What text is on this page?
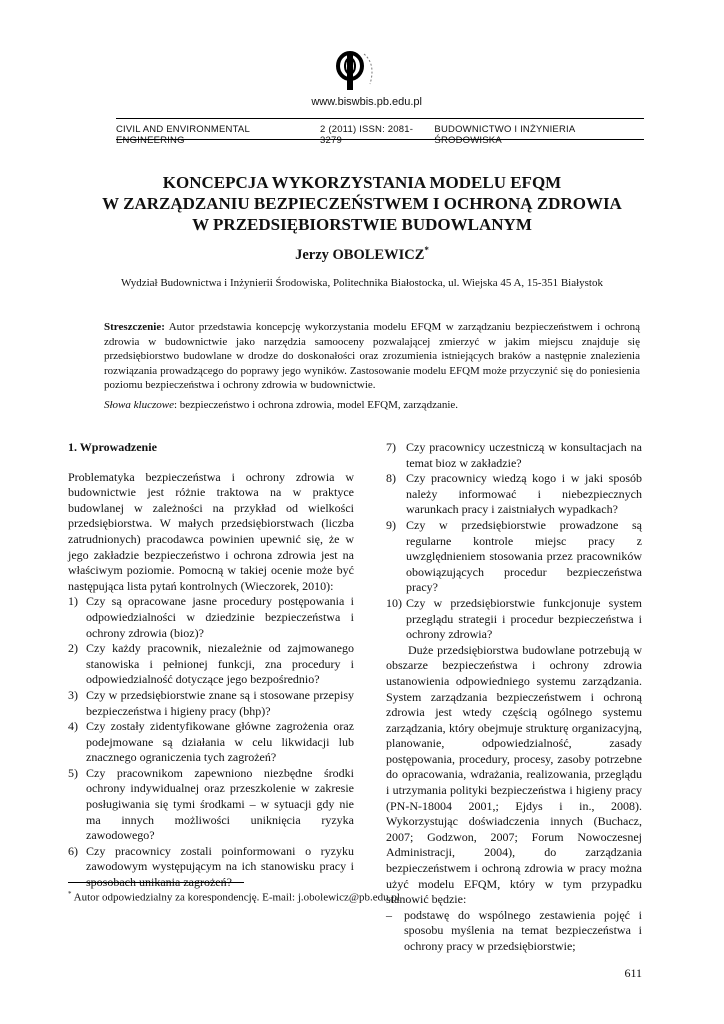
www.biswbis.pb.edu.pl
CIVIL AND ENVIRONMENTAL ENGINEERING
2 (2011) ISSN: 2081-3279
BUDOWNICTWO I INŻYNIERIA ŚRODOWISKA
KONCEPCJA WYKORZYSTANIA MODELU EFQM
W ZARZĄDZANIU BEZPIECZEŃSTWEM I OCHRONĄ ZDROWIA
W PRZEDSIĘBIORSTWIE BUDOWLANYM
Jerzy OBOLEWICZ*
Wydział Budownictwa i Inżynierii Środowiska, Politechnika Białostocka, ul. Wiejska 45 A, 15-351 Białystok
Streszczenie: Autor przedstawia koncepcję wykorzystania modelu EFQM w zarządzaniu bezpieczeństwem i ochroną zdrowia w budownictwie jako narzędzia samooceny pozwalającej zmierzyć w jakim miejscu znajduje się przedsiębiorstwo budowlane w drodze do doskonałości oraz zrozumienia istniejących braków a następnie znalezienia rozwiązania prowadzącego do poprawy jego wyników. Zastosowanie modelu EFQM może przyczynić się do poniesienia poziomu bezpieczeństwa i ochrony zdrowia w budownictwie.
Słowa kluczowe: bezpieczeństwo i ochrona zdrowia, model EFQM, zarządzanie.
1. Wprowadzenie

Problematyka bezpieczeństwa i ochrony zdrowia w budownictwie jest różnie traktowa na w praktyce budowlanej w zależności na przykład od wielkości przedsiębiorstwa. W małych przedsiębiorstwach (liczba zatrudnionych) pracodawca powinien upewnić się, że w jego zakładzie bezpieczeństwo i ochrona zdrowia jest na właściwym poziomie. Pomocną w takiej ocenie może być następująca lista pytań kontrolnych (Wieczorek, 2010):

1) Czy są opracowane jasne procedury postępowania i odpowiedzialności w dziedzinie bezpieczeństwa i ochrony zdrowia (bioz)?
2) Czy każdy pracownik, niezależnie od zajmowanego stanowiska i pełnionej funkcji, zna procedury i odpowiedzialność dotyczące jego bezpośrednio?
3) Czy w przedsiębiorstwie znane są i stosowane przepisy bezpieczeństwa i higieny pracy (bhp)?
4) Czy zostały zidentyfikowane główne zagrożenia oraz podejmowane są działania w celu likwidacji lub znacznego ograniczenia tych zagrożeń?
5) Czy pracownikom zapewniono niezbędne środki ochrony indywidualnej oraz przeszkolenie w zakresie posługiwania się tymi środkami – w sytuacji gdy nie ma innych możliwości uniknięcia ryzyka zawodowego?
6) Czy pracownicy zostali poinformowani o ryzyku zawodowym występującym na ich stanowisku pracy i sposobach unikania zagrożeń?
7) Czy pracownicy uczestniczą w konsultacjach na temat bioz w zakładzie?
8) Czy pracownicy wiedzą kogo i w jaki sposób należy informować i niebezpiecznych warunkach pracy i zaistniałych wypadkach?
9) Czy w przedsiębiorstwie prowadzone są regularne kontrole miejsc pracy z uwzględnieniem stosowania przez pracowników obowiązujących procedur bezpieczeństwa pracy?
10) Czy w przedsiębiorstwie funkcjonuje system przeglądu strategii i procedur bezpieczeństwa i ochrony zdrowia?

Duże przedsiębiorstwa budowlane potrzebują w obszarze bezpieczeństwa i ochrony zdrowia ustanowienia odpowiedniego systemu zarządzania. System zarządzania bezpieczeństwem i ochroną zdrowia jest wtedy częścią ogólnego systemu zarządzania, który obejmuje strukturę organizacyjną, planowanie, odpowiedzialność, zasady postępowania, procedury, procesy, zasoby potrzebne do opracowania, wdrażania, realizowania, przeglądu i utrzymania polityki bezpieczeństwa i higieny pracy (PN-N-18004 2001,; Ejdys i in., 2008). Wykorzystując doświadczenia innych (Buchacz, 2007; Godzwon, 2007; Forum Nowoczesnej Administracji, 2004), do zarządzania bezpieczeństwem i ochroną zdrowia w pracy można użyć modelu EFQM, który w tym przypadku stanowić będzie:

–	podstawę do wspólnego zestawienia pojęć i sposobu myślenia na temat bezpieczeństwa i ochrony pracy w przedsiębiorstwie;
* Autor odpowiedzialny za korespondencję. E-mail: j.obolewicz@pb.edu.pl
611
